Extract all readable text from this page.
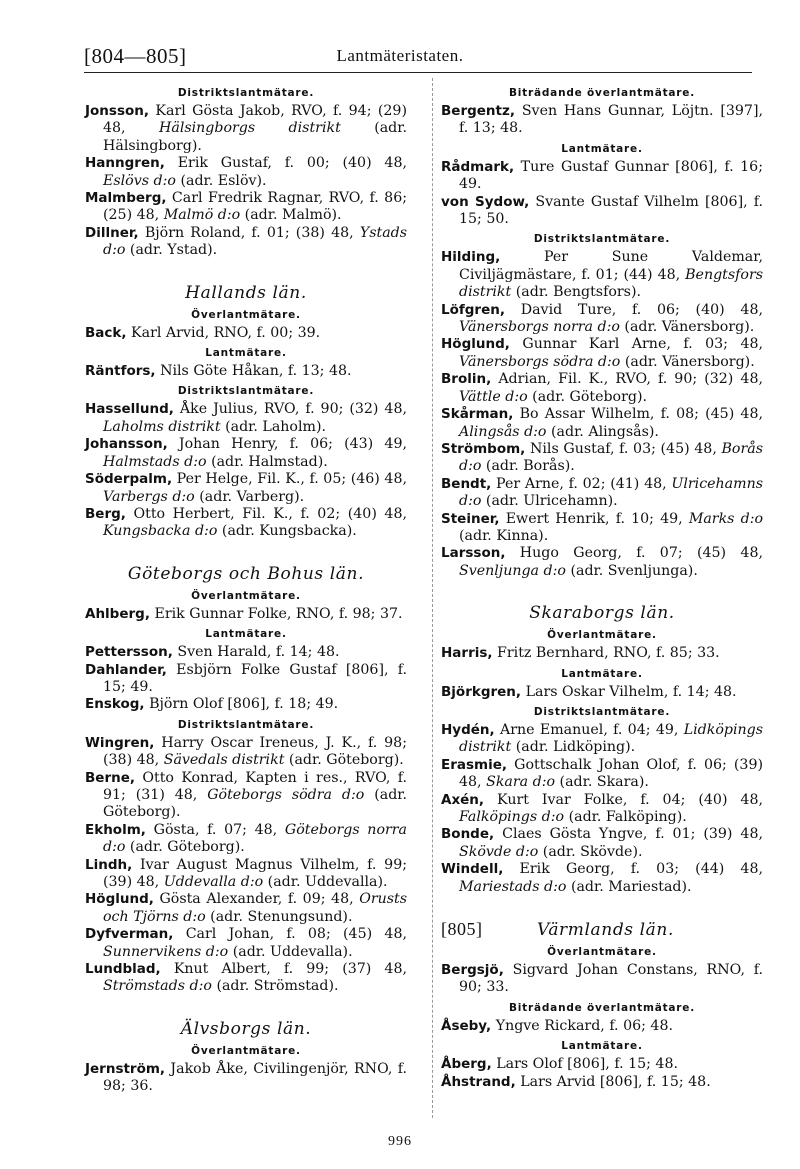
[804—805]	Lantmäteristaten.
Distriktslantmätare.

Jonsson, Karl Gösta Jakob, RVO, f. 94; (29) 48, Hälsingborgs distrikt (adr. Hälsingborg).

Hanngren, Erik Gustaf, f. 00; (40) 48, Eslövs d:o (adr. Eslöv).

Malmberg, Carl Fredrik Ragnar, RVO, f. 86; (25) 48, Malmö d:o (adr. Malmö).

Dillner, Björn Roland, f. 01; (38) 48, Ystads d:o (adr. Ystad).

Hallands län.
Överlantmätare.

Back, Karl Arvid, RNO, f. 00; 39.

Lantmätare.

Räntfors, Nils Göte Håkan, f. 13; 48.

Distriktslantmätare.

Hassellund, Åke Julius, RVO, f. 90; (32) 48, Laholms distrikt (adr. Laholm).

Johansson, Johan Henry, f. 06; (43) 49, Halmstads d:o (adr. Halmstad).

Söderpalm, Per Helge, Fil. K., f. 05; (46) 48, Varbergs d:o (adr. Varberg).

Berg, Otto Herbert, Fil. K., f. 02; (40) 48, Kungsbacka d:o (adr. Kungsbacka).

Göteborgs och Bohus län.
Överlantmätare.

Ahlberg, Erik Gunnar Folke, RNO, f. 98; 37.

Lantmätare.

Pettersson, Sven Harald, f. 14; 48.

Dahlander, Esbjörn Folke Gustaf [806], f. 15; 49.

Enskog, Björn Olof [806], f. 18; 49.

Distriktslantmätare.

Wingren, Harry Oscar Ireneus, J. K., f. 98; (38) 48, Sävedals distrikt (adr. Göteborg).

Berne, Otto Konrad, Kapten i res., RVO, f. 91; (31) 48, Göteborgs södra d:o (adr. Göteborg).

Ekholm, Gösta, f. 07; 48, Göteborgs norra d:o (adr. Göteborg).

Lindh, Ivar August Magnus Vilhelm, f. 99; (39) 48, Uddevalla d:o (adr. Uddevalla).

Höglund, Gösta Alexander, f. 09; 48, Orusts och Tjörns d:o (adr. Stenungsund).

Dyfverman, Carl Johan, f. 08; (45) 48, Sunnervikens d:o (adr. Uddevalla).

Lundblad, Knut Albert, f. 99; (37) 48, Strömstads d:o (adr. Strömstad).

Älvsborgs län.
Överlantmätare.

Jernström, Jakob Åke, Civilingenjör, RNO, f. 98; 36.

Biträdande överlantmätare.

Bergentz, Sven Hans Gunnar, Löjtn. [397], f. 13; 48.

Lantmätare.

Rådmark, Ture Gustaf Gunnar [806], f. 16; 49.

von Sydow, Svante Gustaf Vilhelm [806], f. 15; 50.

Distriktslantmätare.

Hilding,	Per Sune Valdemar, Civiljägmästare, f. 01; (44) 48, Bengtsfors distrikt (adr. Bengtsfors).

Löfgren, David Ture, f. 06; (40) 48, Vänersborgs norra d:o (adr. Vänersborg).

Höglund, Gunnar Karl Arne, f. 03; 48, Vänersborgs södra d:o (adr. Vänersborg).

Brolin, Adrian, Fil. K., RVO, f. 90; (32) 48, Vättle d:o (adr. Göteborg).

Skårman, Bo Assar Wilhelm, f. 08; (45) 48, Alingsås d:o (adr. Alingsås).

Strömbom, Nils Gustaf, f. 03; (45) 48, Borås d:o (adr. Borås).

Bendt, Per Arne, f. 02; (41) 48, Ulricehamns d:o (adr. Ulricehamn).

Steiner, Ewert Henrik, f. 10; 49, Marks d:o (adr. Kinna).

Larsson, Hugo Georg, f. 07; (45) 48, Svenljunga d:o (adr. Svenljunga).

Skaraborgs län.
Överlantmätare.

Harris, Fritz Bernhard, RNO, f. 85; 33.

Lantmätare.

Björkgren, Lars Oskar Vilhelm, f. 14; 48.

Distriktslantmätare.

Hydén, Arne Emanuel, f. 04; 49, Lidköpings distrikt (adr. Lidköping).

Erasmie, Gottschalk Johan Olof, f. 06; (39) 48, Skara d:o (adr. Skara).

Axén, Kurt Ivar Folke, f. 04; (40) 48, Falköpings d:o (adr. Falköping).

Bonde, Claes Gösta Yngve, f. 01; (39) 48, Skövde d:o (adr. Skövde).

Windell, Erik Georg, f. 03; (44) 48, Mariestads d:o (adr. Mariestad).

[805]	Värmlands län.
Överlantmätare.

Bergsjö, Sigvard Johan Constans, RNO, f. 90; 33.

Biträdande överlantmätare.

Åseby, Yngve Rickard, f. 06; 48.

Lantmätare.

Åberg, Lars Olof [806], f. 15; 48.

Åhstrand, Lars Arvid [806], f. 15; 48.

996
